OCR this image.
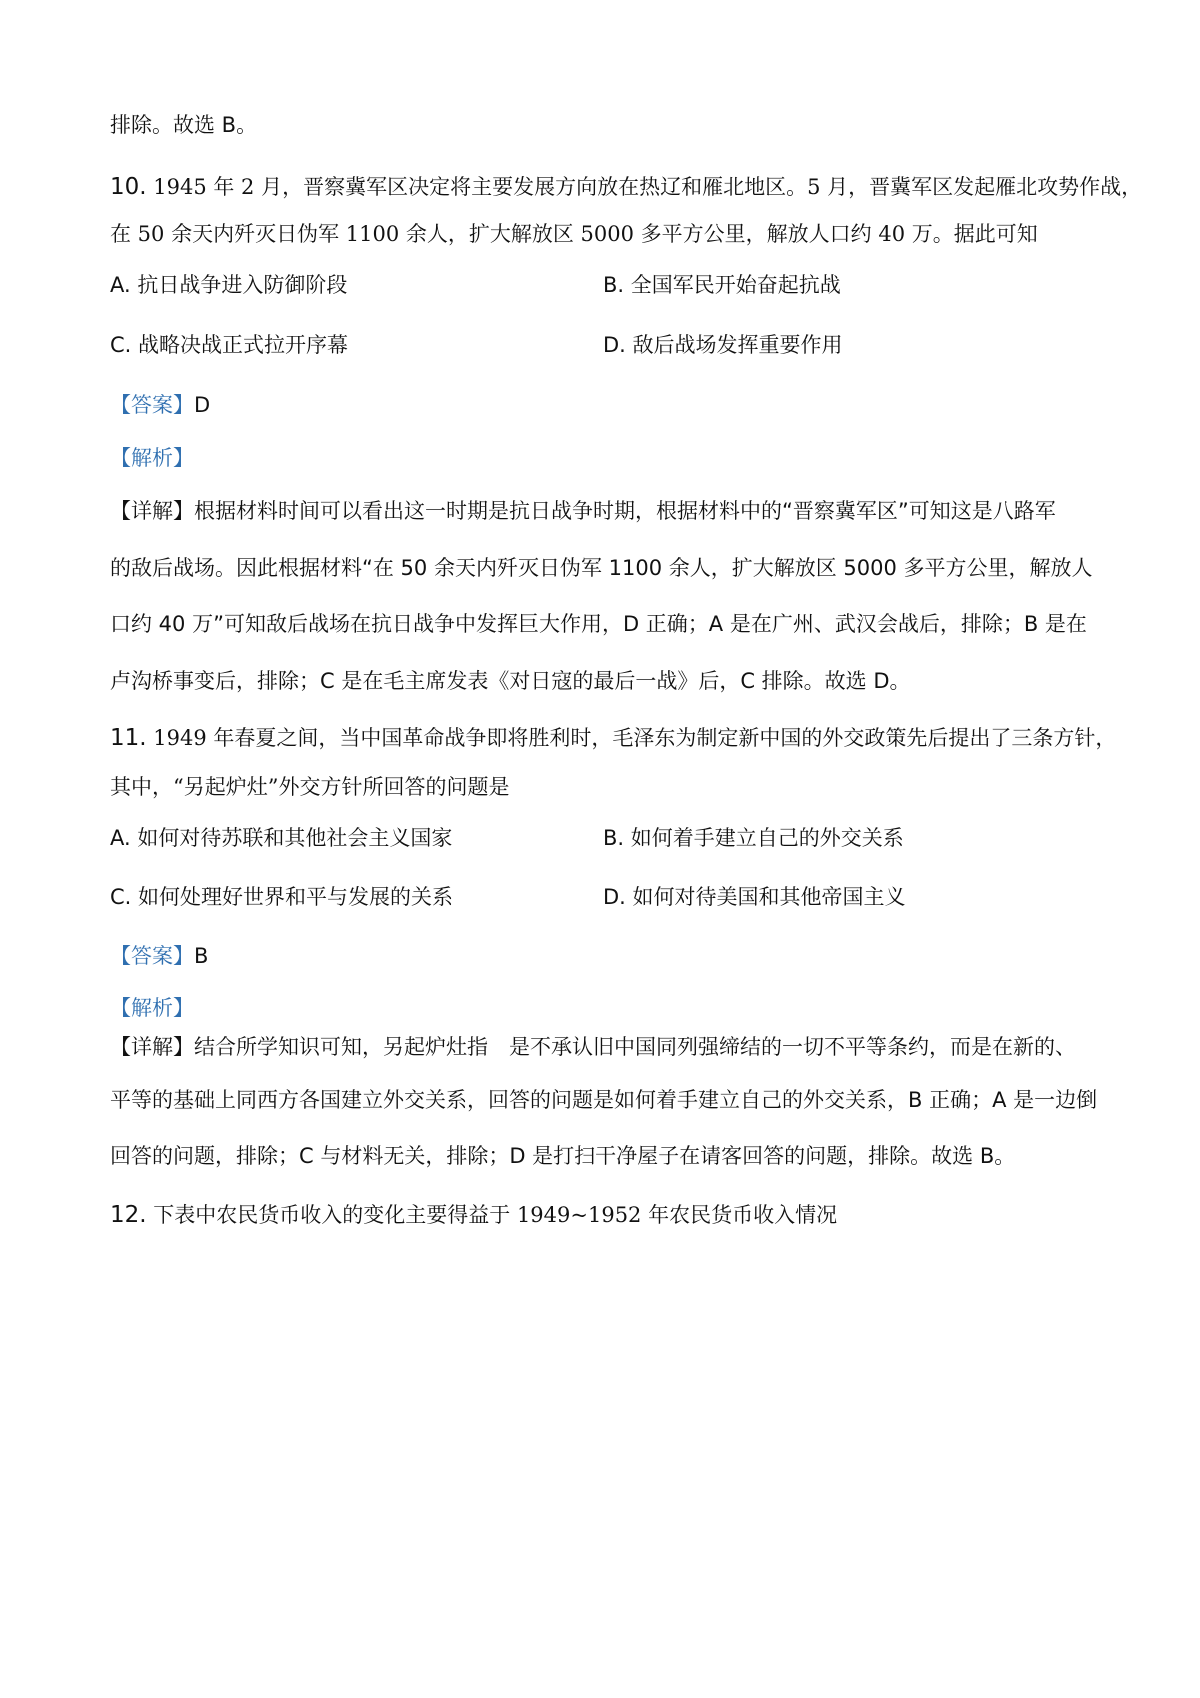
排除。故选 B。
10. 1945 年 2 月，晋察冀军区决定将主要发展方向放在热辽和雁北地区。5 月，晋冀军区发起雁北攻势作战，
在 50 余天内歼灭日伪军 1100 余人，扩大解放区 5000 多平方公里，解放人口约 40 万。据此可知
A. 抗日战争进入防御阶段	B. 全国军民开始奋起抗战
C. 战略决战正式拉开序幕	D. 敌后战场发挥重要作用
【答案】D
【解析】
【详解】根据材料时间可以看出这一时期是抗日战争时期，根据材料中的“晋察冀军区”可知这是八路军
的敌后战场。因此根据材料“在 50 余天内歼灭日伪军 1100 余人，扩大解放区 5000 多平方公里，解放人
口约 40 万”可知敌后战场在抗日战争中发挥巨大作用，D 正确；A 是在广州、武汉会战后，排除；B 是在
卢沟桥事变后，排除；C 是在毛主席发表《对日寇的最后一战》后，C 排除。故选 D。
11. 1949 年春夏之间，当中国革命战争即将胜利时，毛泽东为制定新中国的外交政策先后提出了三条方针，
其中，“另起炉灶”外交方针所回答的问题是
A. 如何对待苏联和其他社会主义国家	B. 如何着手建立自己的外交关系
C. 如何处理好世界和平与发展的关系	D. 如何对待美国和其他帝国主义
【答案】B
【解析】
【详解】结合所学知识可知，另起炉灶指　是不承认旧中国同列强缔结的一切不平等条约，而是在新的、
平等的基础上同西方各国建立外交关系，回答的问题是如何着手建立自己的外交关系，B 正确；A 是一边倒
回答的问题，排除；C 与材料无关，排除；D 是打扫干净屋子在请客回答的问题，排除。故选 B。
12. 下表中农民货币收入的变化主要得益于 1949~1952 年农民货币收入情况
